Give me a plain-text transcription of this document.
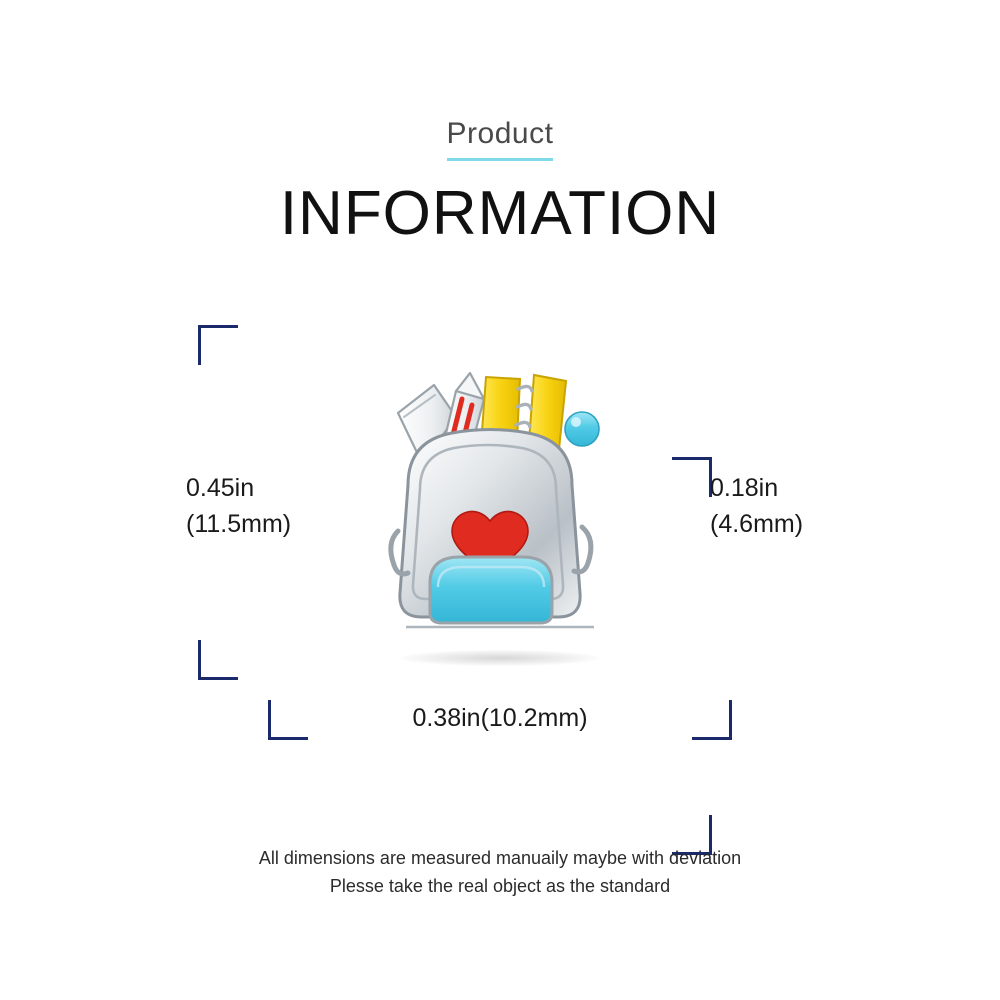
Product
INFORMATION
0.45in
(11.5mm)
0.18in
(4.6mm)
0.38in(10.2mm)
All dimensions are measured manuaily maybe with deviation
Plesse take the real object as the standard
